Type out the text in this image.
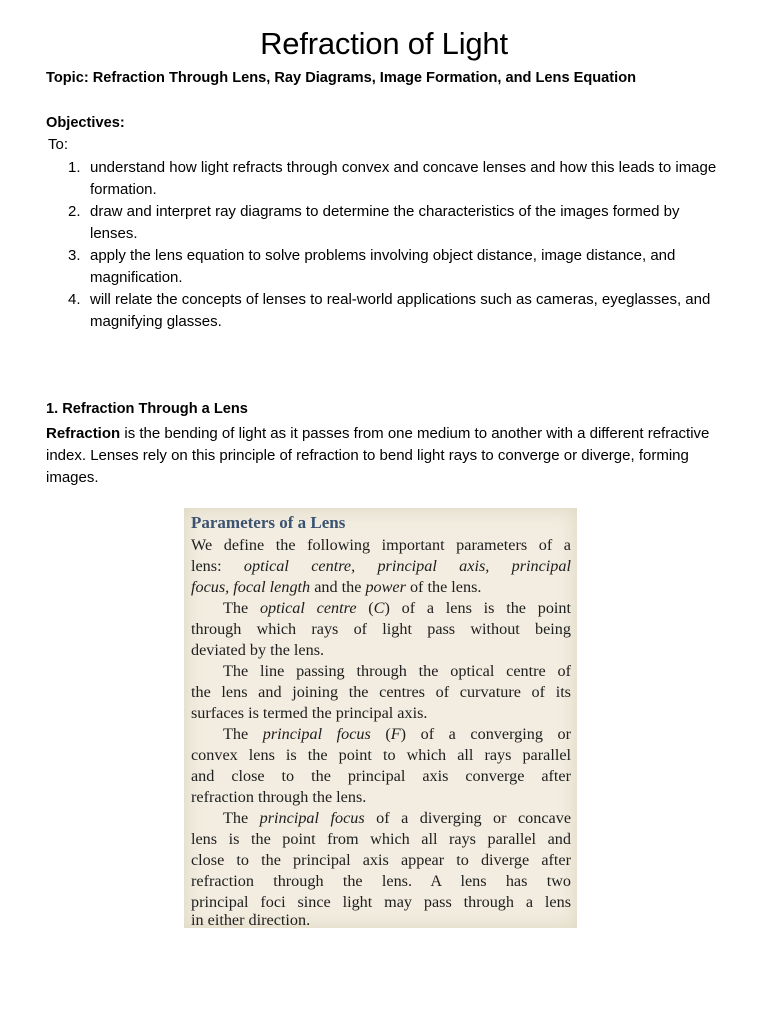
Refraction of Light
Topic: Refraction Through Lens, Ray Diagrams, Image Formation, and Lens Equation
Objectives:
To:
1. understand how light refracts through convex and concave lenses and how this leads to image formation.
2. draw and interpret ray diagrams to determine the characteristics of the images formed by lenses.
3. apply the lens equation to solve problems involving object distance, image distance, and magnification.
4. will relate the concepts of lenses to real-world applications such as cameras, eyeglasses, and magnifying glasses.
1. Refraction Through a Lens
Refraction is the bending of light as it passes from one medium to another with a different refractive index. Lenses rely on this principle of refraction to bend light rays to converge or diverge, forming images.
Parameters of a Lens
We define the following important parameters of a
lens: optical centre, principal axis, principal
focus, focal length and the power of the lens.
The optical centre (C) of a lens is the point
through which rays of light pass without being
deviated by the lens.
The line passing through the optical centre of
the lens and joining the centres of curvature of its
surfaces is termed the principal axis.
The principal focus (F) of a converging or
convex lens is the point to which all rays parallel
and close to the principal axis converge after
refraction through the lens.
The principal focus of a diverging or concave
lens is the point from which all rays parallel and
close to the principal axis appear to diverge after
refraction through the lens. A lens has two
principal foci since light may pass through a lens
in either direction.
